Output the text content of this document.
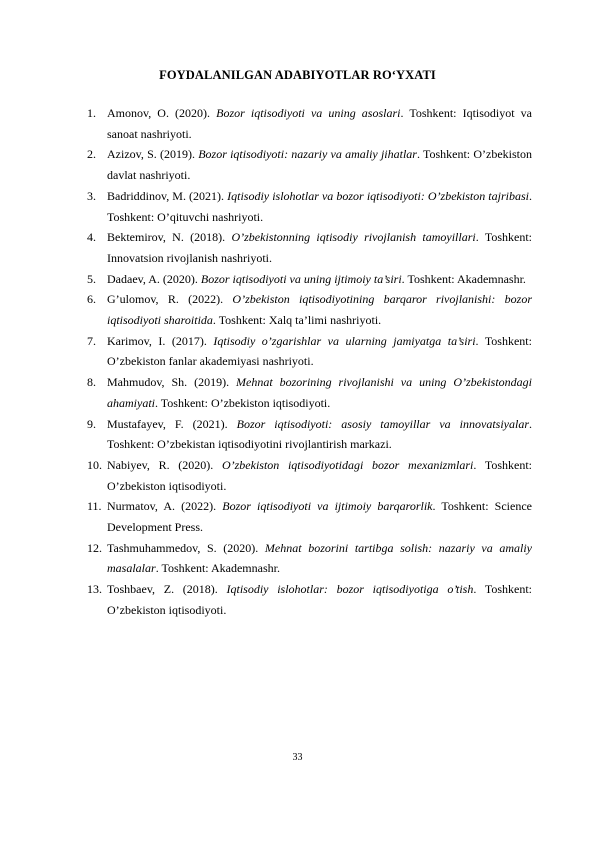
FOYDALANILGAN ADABIYOTLAR RO‘YXATI
1. Amonov, O. (2020). Bozor iqtisodiyoti va uning asoslari. Toshkent: Iqtisodiyot va sanoat nashriyoti.
2. Azizov, S. (2019). Bozor iqtisodiyoti: nazariy va amaliy jihatlar. Toshkent: O’zbekiston davlat nashriyoti.
3. Badriddinov, M. (2021). Iqtisodiy islohotlar va bozor iqtisodiyoti: O’zbekiston tajribasi. Toshkent: O’qituvchi nashriyoti.
4. Bektemirov, N. (2018). O’zbekistonning iqtisodiy rivojlanish tamoyillari. Toshkent: Innovatsion rivojlanish nashriyoti.
5. Dadaev, A. (2020). Bozor iqtisodiyoti va uning ijtimoiy ta’siri. Toshkent: Akademnashr.
6. G’ulomov, R. (2022). O’zbekiston iqtisodiyotining barqaror rivojlanishi: bozor iqtisodiyoti sharoitida. Toshkent: Xalq ta’limi nashriyoti.
7. Karimov, I. (2017). Iqtisodiy o’zgarishlar va ularning jamiyatga ta’siri. Toshkent: O’zbekiston fanlar akademiyasi nashriyoti.
8. Mahmudov, Sh. (2019). Mehnat bozorining rivojlanishi va uning O’zbekistondagi ahamiyati. Toshkent: O’zbekiston iqtisodiyoti.
9. Mustafayev, F. (2021). Bozor iqtisodiyoti: asosiy tamoyillar va innovatsiyalar. Toshkent: O’zbekistan iqtisodiyotini rivojlantirish markazi.
10. Nabiyev, R. (2020). O’zbekiston iqtisodiyotidagi bozor mexanizmlari. Toshkent: O’zbekiston iqtisodiyoti.
11. Nurmatov, A. (2022). Bozor iqtisodiyoti va ijtimoiy barqarorlik. Toshkent: Science Development Press.
12. Tashmuhammedov, S. (2020). Mehnat bozorini tartibga solish: nazariy va amaliy masalalar. Toshkent: Akademnashr.
13. Toshbaev, Z. (2018). Iqtisodiy islohotlar: bozor iqtisodiyotiga o’tish. Toshkent: O’zbekiston iqtisodiyoti.
33
